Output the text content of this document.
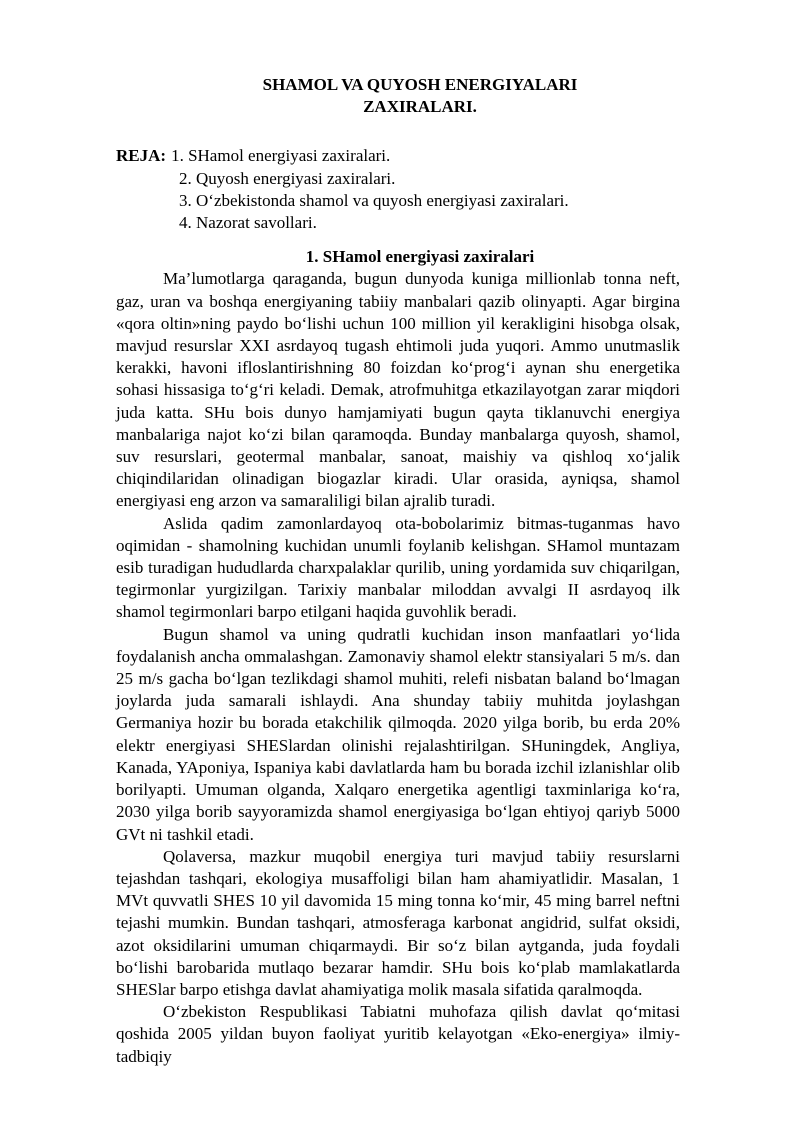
SHAMOL VA QUYOSH ENERGIYALARI
ZAXIRALARI.
REJA: 1. SHamol energiyasi zaxiralari.
2. Quyosh energiyasi zaxiralari.
3. O‘zbekistonda shamol va quyosh energiyasi zaxiralari.
4. Nazorat savollari.
1. SHamol energiyasi zaxiralari

Ma’lumotlarga qaraganda, bugun dunyoda kuniga millionlab tonna neft, gaz, uran va boshqa energiyaning tabiiy manbalari qazib olinyapti. Agar birgina «qora oltin»ning paydo bo‘lishi uchun 100 million yil kerakligini hisobga olsak, mavjud resurslar XXI asrdayoq tugash ehtimoli juda yuqori. Ammo unutmaslik kerakki, havoni ifloslantirishning 80 foizdan ko‘prog‘i aynan shu energetika sohasi hissasiga to‘g‘ri keladi. Demak, atrofmuhitga etkazilayotgan zarar miqdori juda katta. SHu bois dunyo hamjamiyati bugun qayta tiklanuvchi energiya manbalariga najot ko‘zi bilan qaramoqda. Bunday manbalarga quyosh, shamol, suv resurslari, geotermal manbalar, sanoat, maishiy va qishloq xo‘jalik chiqindilaridan olinadigan biogazlar kiradi. Ular orasida, ayniqsa, shamol energiyasi eng arzon va samaraliligi bilan ajralib turadi.

Aslida qadim zamonlardayoq ota-bobolarimiz bitmas-tuganmas havo oqimidan - shamolning kuchidan unumli foylanib kelishgan. SHamol muntazam esib turadigan hududlarda charxpalaklar qurilib, uning yordamida suv chiqarilgan, tegirmonlar yurgizilgan. Tarixiy manbalar miloddan avvalgi II asrdayoq ilk shamol tegirmonlari barpo etilgani haqida guvohlik beradi.

Bugun shamol va uning qudratli kuchidan inson manfaatlari yo‘lida foydalanish ancha ommalashgan. Zamonaviy shamol elektr stansiyalari 5 m/s. dan 25 m/s gacha bo‘lgan tezlikdagi shamol muhiti, relefi nisbatan baland bo‘lmagan joylarda juda samarali ishlaydi. Ana shunday tabiiy muhitda joylashgan Germaniya hozir bu borada etakchilik qilmoqda. 2020 yilga borib, bu erda 20% elektr energiyasi SHESlardan olinishi rejalashtirilgan. SHuningdek, Angliya, Kanada, YAponiya, Ispaniya kabi davlatlarda ham bu borada izchil izlanishlar olib borilyapti. Umuman olganda, Xalqaro energetika agentligi taxminlariga ko‘ra, 2030 yilga borib sayyoramizda shamol energiyasiga bo‘lgan ehtiyoj qariyb 5000 GVt ni tashkil etadi.

Qolaversa, mazkur muqobil energiya turi mavjud tabiiy resurslarni tejashdan tashqari, ekologiya musaffoligi bilan ham ahamiyatlidir. Masalan, 1 MVt quvvatli SHES 10 yil davomida 15 ming tonna ko‘mir, 45 ming barrel neftni tejashi mumkin. Bundan tashqari, atmosferaga karbonat angidrid, sulfat oksidi, azot oksidilarini umuman chiqarmaydi. Bir so‘z bilan aytganda, juda foydali bo‘lishi barobarida mutlaqo bezarar hamdir. SHu bois ko‘plab mamlakatlarda SHESlar barpo etishga davlat ahamiyatiga molik masala sifatida qaralmoqda.

O‘zbekiston Respublikasi Tabiatni muhofaza qilish davlat qo‘mitasi qoshida 2005 yildan buyon faoliyat yuritib kelayotgan «Eko-energiya» ilmiy-tadbiqiy
